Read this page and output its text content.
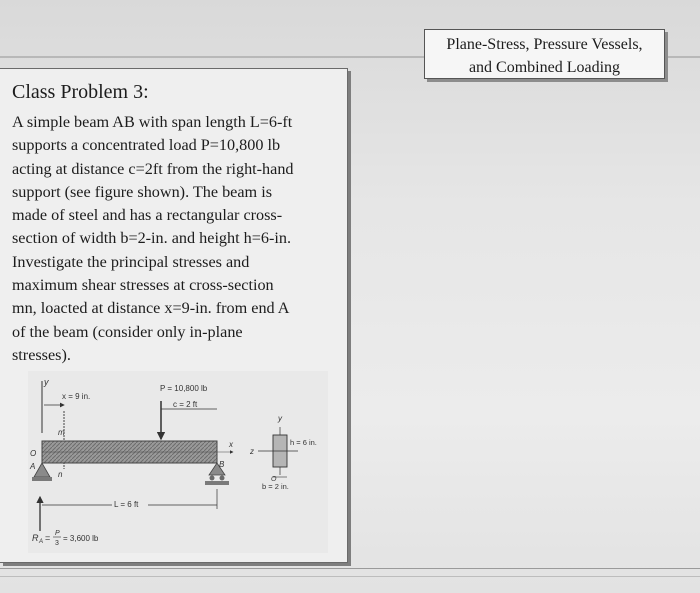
Plane-Stress, Pressure Vessels,
and Combined Loading
Class Problem 3:
A simple beam AB with span length L=6-ft
supports a concentrated load P=10,800 lb
acting at distance c=2ft from the right-hand
support (see figure shown). The beam is
made of steel and has a rectangular cross-
section of width b=2-in. and height h=6-in.
Investigate the principal stresses and
maximum shear stresses at cross-section
mn, loacted at distance x=9-in. from end A
of the beam (consider only in-plane
stresses).
y
x = 9 in.
m
n
O
A
x
B
P = 10,800 lb
c = 2 ft
L = 6 ft
R A = P
3
= 3,600 lb
y
z
O
h = 6 in.
b = 2 in.
